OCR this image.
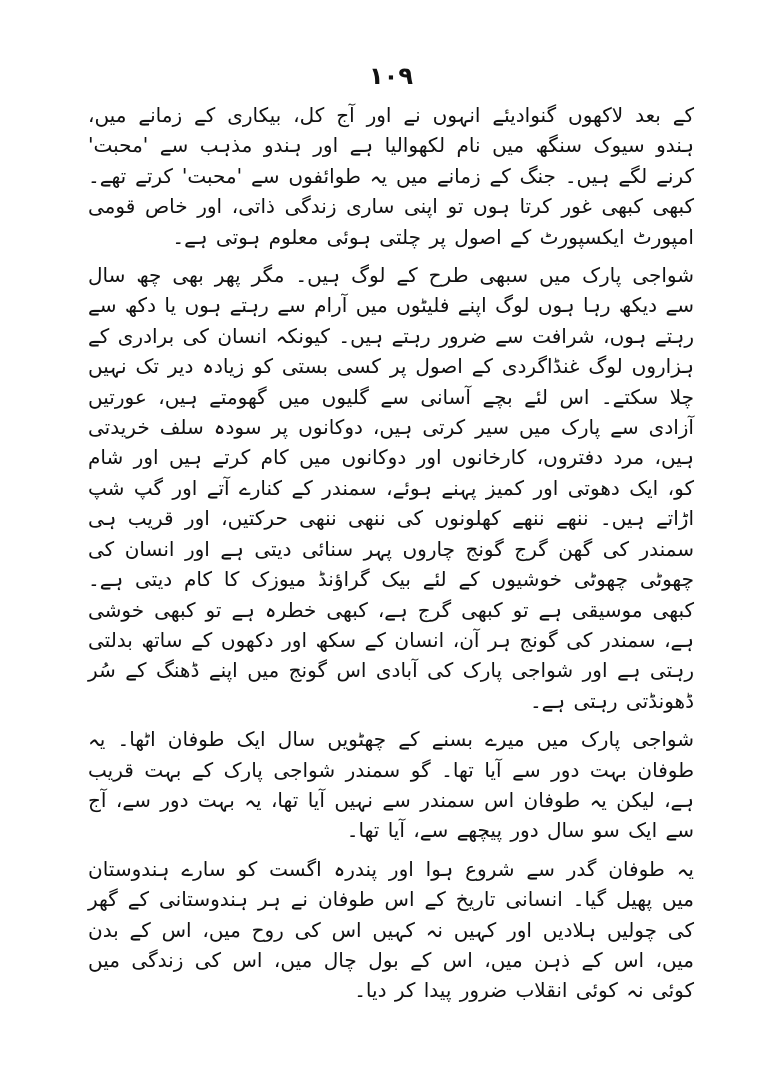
١٠٩

کے بعد لاکھوں گنوادیئے انہوں نے اور آج کل، بیکاری کے زمانے میں، ہندو سیوک سنگھ میں نام لکھوالیا ہے اور ہندو مذہب سے 'محبت' کرنے لگے ہیں۔ جنگ کے زمانے میں یہ طوائفوں سے 'محبت' کرتے تھے۔ کبھی کبھی غور کرتا ہوں تو اپنی ساری زندگی ذاتی، اور خاص قومی امپورٹ ایکسپورٹ کے اصول پر چلتی ہوئی معلوم ہوتی ہے۔

شواجی پارک میں سبھی طرح کے لوگ ہیں۔ مگر پھر بھی چھ سال سے دیکھ رہا ہوں لوگ اپنے فلیٹوں میں آرام سے رہتے ہوں یا دکھ سے رہتے ہوں، شرافت سے ضرور رہتے ہیں۔ کیونکہ انسان کی برادری کے ہزاروں لوگ غنڈاگردی کے اصول پر کسی بستی کو زیادہ دیر تک نہیں چلا سکتے۔ اس لئے بچے آسانی سے گلیوں میں گھومتے ہیں، عورتیں آزادی سے پارک میں سیر کرتی ہیں، دوکانوں پر سودہ سلف خریدتی ہیں، مرد دفتروں، کارخانوں اور دوکانوں میں کام کرتے ہیں اور شام کو، ایک دھوتی اور کمیز پہنے ہوئے، سمندر کے کنارے آتے اور گپ شپ اڑاتے ہیں۔ ننھے ننھے کھلونوں کی ننھی ننھی حرکتیں، اور قریب ہی سمندر کی گھن گرج گونج چاروں پہر سنائی دیتی ہے اور انسان کی چھوٹی چھوٹی خوشیوں کے لئے بیک گراؤنڈ میوزک کا کام دیتی ہے۔ کبھی موسیقی ہے تو کبھی گرج ہے، کبھی خطرہ ہے تو کبھی خوشی ہے، سمندر کی گونج ہر آن، انسان کے سکھ اور دکھوں کے ساتھ بدلتی رہتی ہے اور شواجی پارک کی آبادی اس گونج میں اپنے ڈھنگ کے سُر ڈھونڈتی رہتی ہے۔

شواجی پارک میں میرے بسنے کے چھٹویں سال ایک طوفان اٹھا۔ یہ طوفان بہت دور سے آیا تھا۔ گو سمندر شواجی پارک کے بہت قریب ہے، لیکن یہ طوفان اس سمندر سے نہیں آیا تھا، یہ بہت دور سے، آج سے ایک سو سال دور پیچھے سے، آیا تھا۔

یہ طوفان گدر سے شروع ہوا اور پندرہ اگست کو سارے ہندوستان میں پھیل گیا۔ انسانی تاریخ کے اس طوفان نے ہر ہندوستانی کے گھر کی چولیں ہلادیں اور کہیں نہ کہیں اس کی روح میں، اس کے بدن میں، اس کے ذہن میں، اس کے بول چال میں، اس کی زندگی میں کوئی نہ کوئی انقلاب ضرور پیدا کر دیا۔
